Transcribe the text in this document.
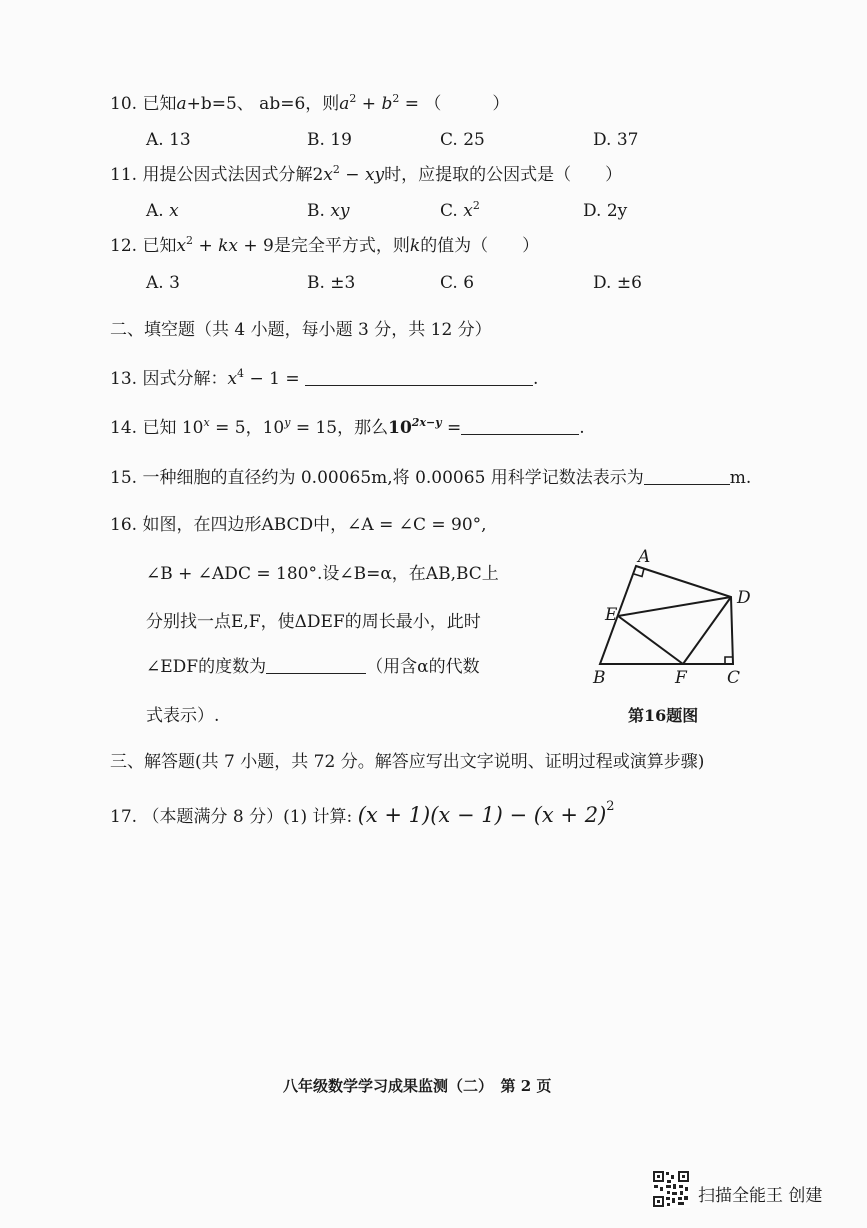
10. 已知a+b=5、 ab=6，则$a^2 + b^2$ = （　　　）
A. 13	B. 19	C. 25	D. 37
11. 用提公因式法因式分解$2x^2$ − xy时，应提取的公因式是（　　）
A. x	B. xy	C. $x^2$	D. 2y
12. 已知$x^2$ + kx + 9是完全平方式，则k的值为（　　）
A. 3	B. ±3	C. 6	D. ±6
二、填空题（共 4 小题，每小题 3 分，共 12 分）
13. 因式分解：$x^4 - 1$ =	.
14. 已知 $10^x = 5$，$10^y = 15$，那么$10^{2x-y}$ =	.
15. 一种细胞的直径约为 0.00065m,将 0.00065 用科学记数法表示为	m.
16. 如图，在四边形ABCD中，∠A = ∠C = 90°,
∠B + ∠ADC = 180°.设∠B=α，在AB,BC上
分别找一点E,F，使ΔDEF的周长最小，此时
∠EDF的度数为	（用含α的代数
式表示）.
A
B	C
D
E
F
第16题图
三、解答题(共 7 小题，共 72 分。解答应写出文字说明、证明过程或演算步骤)
17. （本题满分 8 分）(1) 计算: $(x + 1)(x - 1) - (x + 2)^2$
八年级数学学习成果监测（二）　第 2 页
扫描全能王 创建
